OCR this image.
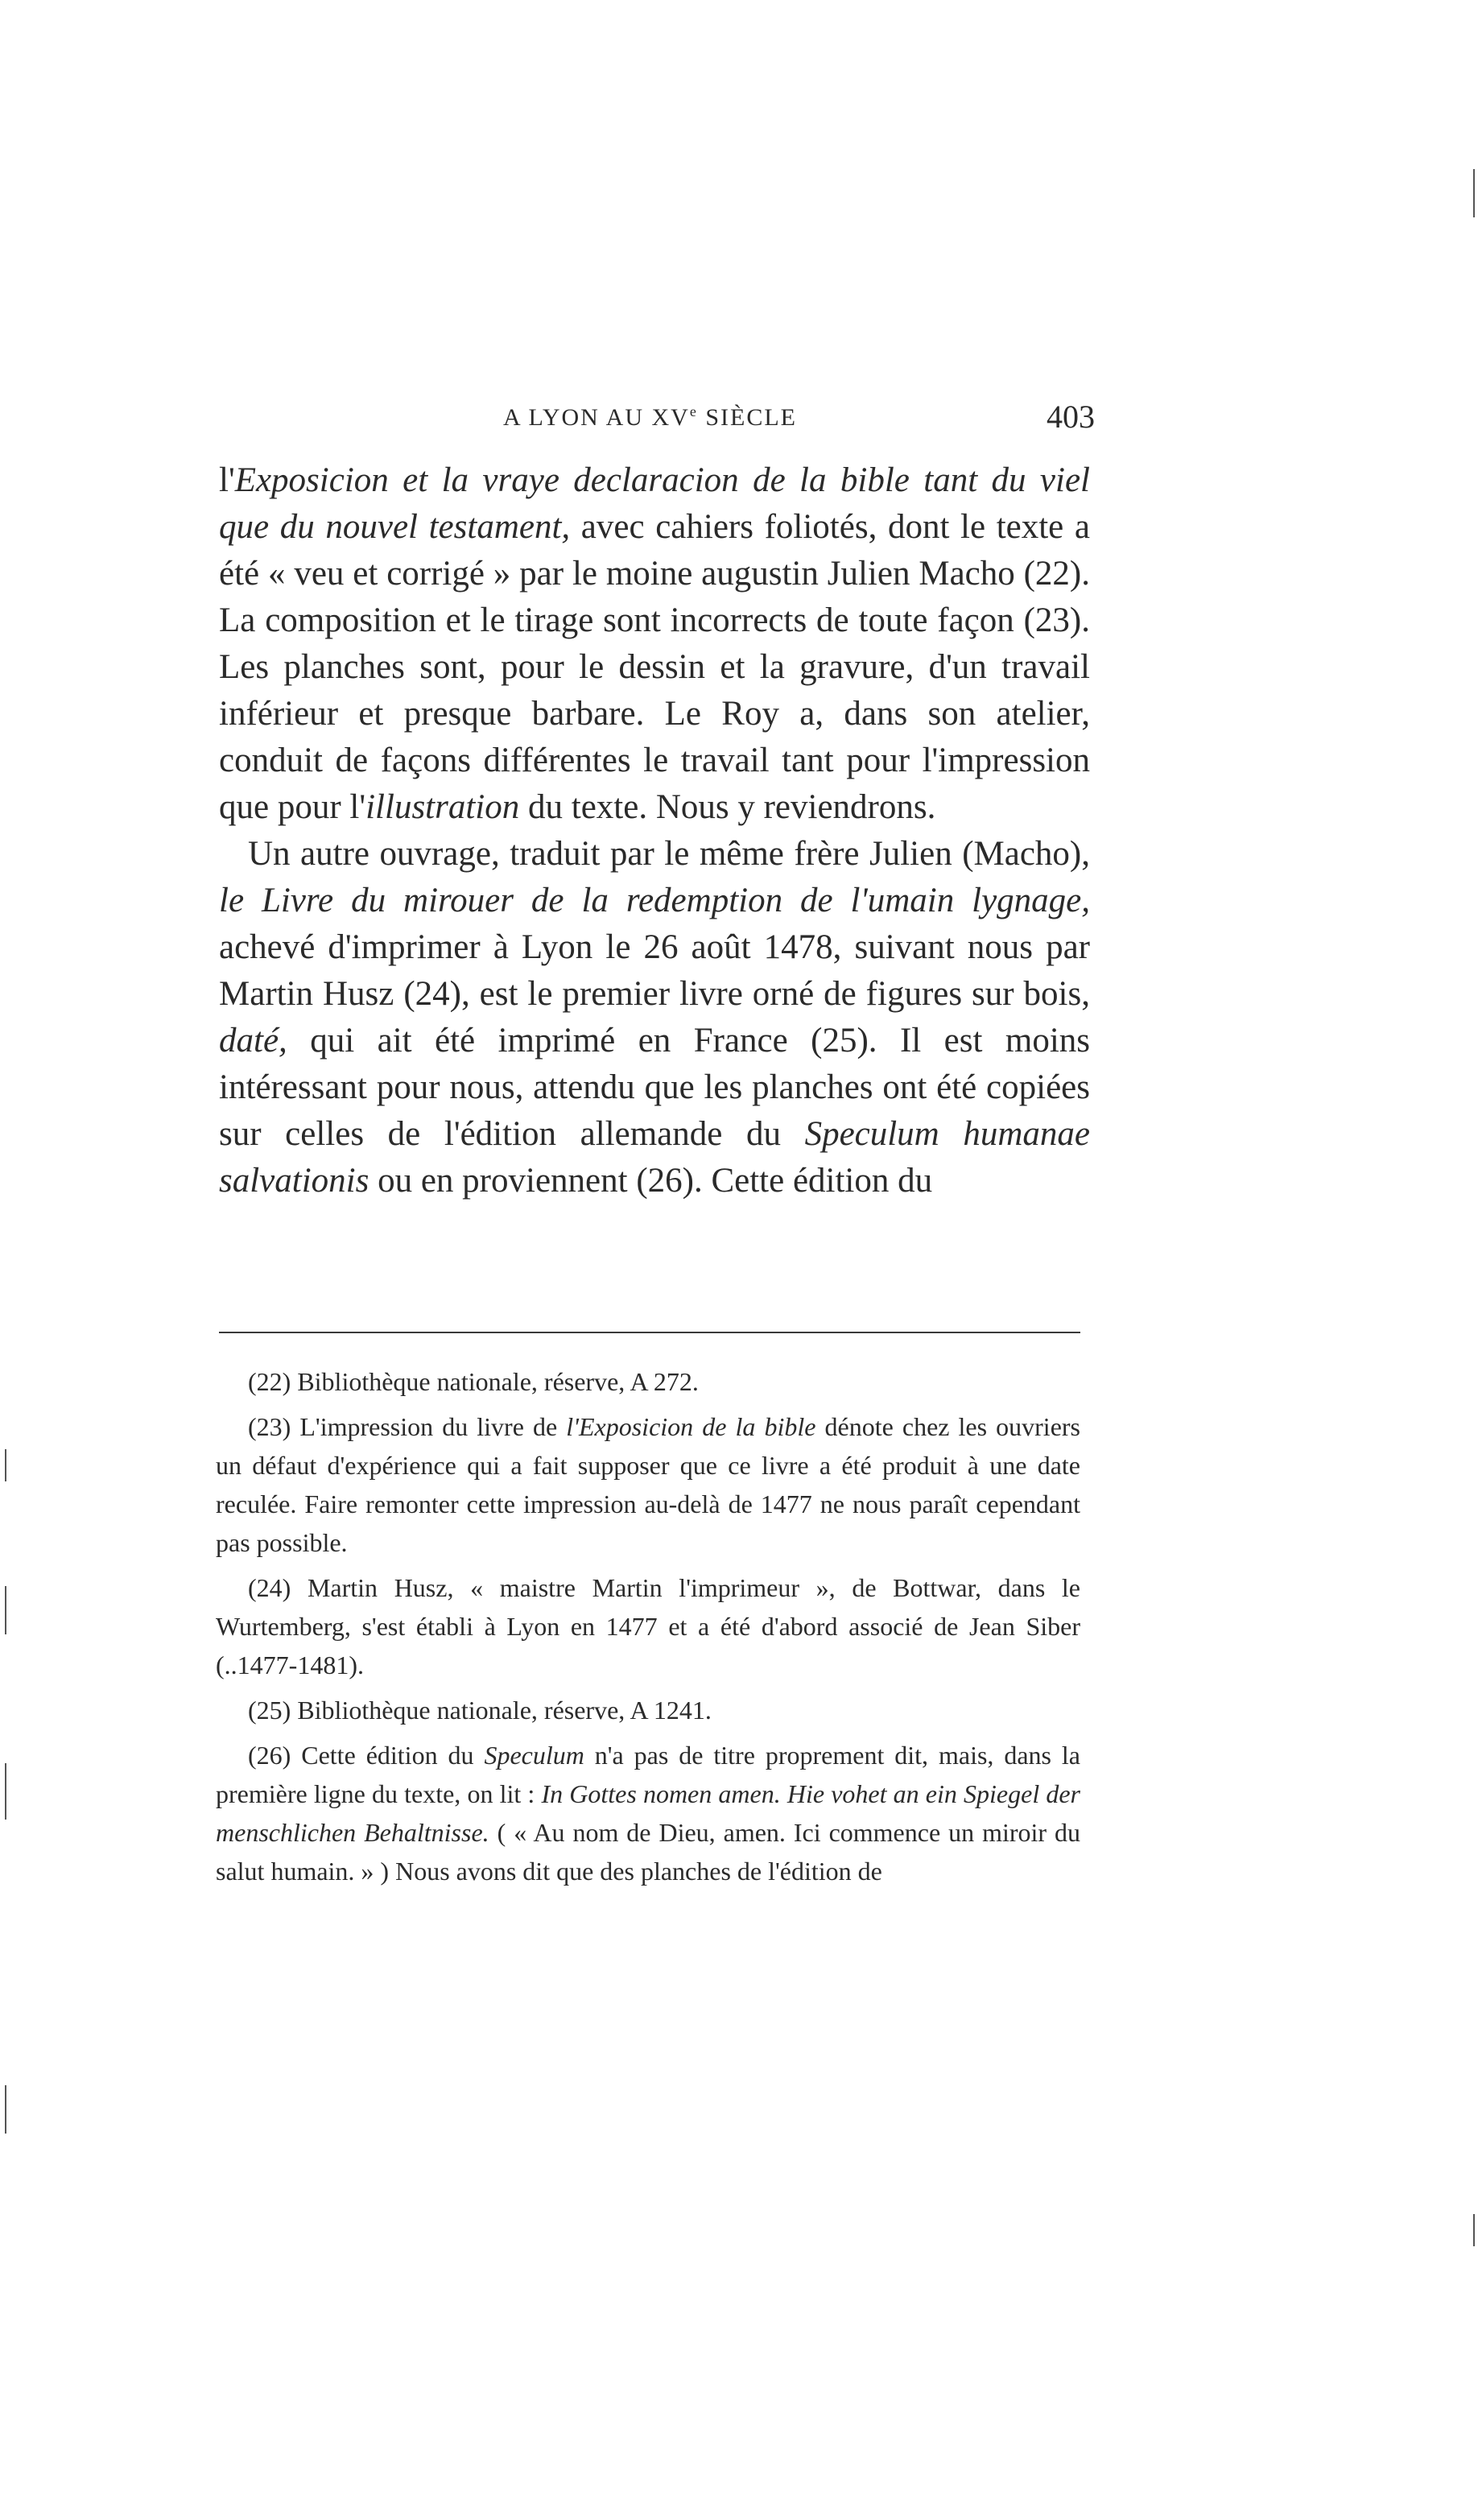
A LYON AU XVe SIÈCLE	403

l'Exposicion et la vraye declaracion de la bible tant du viel que du nouvel testament, avec cahiers foliotés, dont le texte a été « veu et corrigé » par le moine augustin Julien Macho (22). La composition et le tirage sont incorrects de toute façon (23). Les planches sont, pour le dessin et la gravure, d'un travail inférieur et presque barbare. Le Roy a, dans son atelier, conduit de façons différentes le travail tant pour l'impression que pour l'illustration du texte. Nous y reviendrons.

Un autre ouvrage, traduit par le même frère Julien (Macho), le Livre du mirouer de la redemption de l'umain lygnage, achevé d'imprimer à Lyon le 26 août 1478, suivant nous par Martin Husz (24), est le premier livre orné de figures sur bois, daté, qui ait été imprimé en France (25). Il est moins intéressant pour nous, attendu que les planches ont été copiées sur celles de l'édition allemande du Speculum humanae salvationis ou en proviennent (26). Cette édition du

(22) Bibliothèque nationale, réserve, A 272.

(23) L'impression du livre de l'Exposicion de la bible dénote chez les ouvriers un défaut d'expérience qui a fait supposer que ce livre a été produit à une date reculée. Faire remonter cette impression au-delà de 1477 ne nous paraît cependant pas possible.

(24) Martin Husz, « maistre Martin l'imprimeur », de Bottwar, dans le Wurtemberg, s'est établi à Lyon en 1477 et a été d'abord associé de Jean Siber (..1477-1481).

(25) Bibliothèque nationale, réserve, A 1241.

(26) Cette édition du Speculum n'a pas de titre proprement dit, mais, dans la première ligne du texte, on lit : In Gottes nomen amen. Hie vohet an ein Spiegel der menschlichen Behaltnisse. ( « Au nom de Dieu, amen. Ici commence un miroir du salut humain. » ) Nous avons dit que des planches de l'édition de
